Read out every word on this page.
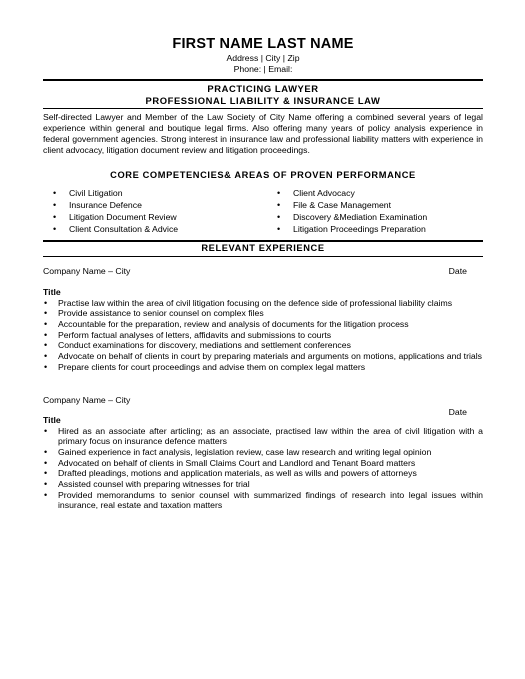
FIRST NAME LAST NAME
Address | City | Zip
Phone: | Email:
PRACTICING LAWYER
PROFESSIONAL LIABILITY & INSURANCE LAW
Self-directed Lawyer and Member of the Law Society of City Name offering a combined several years of legal experience within general and boutique legal firms. Also offering many years of policy analysis experience in federal government agencies. Strong interest in insurance law and professional liability matters with experience in client advocacy, litigation document review and litigation proceedings.
CORE COMPETENCIES& AREAS OF PROVEN PERFORMANCE
• Civil Litigation
• Insurance Defence
• Litigation Document Review
• Client Consultation & Advice
• Client Advocacy
• File & Case Management
• Discovery &Mediation Examination
• Litigation Proceedings Preparation
RELEVANT EXPERIENCE
Company Name – City	Date
Title
• Practise law within the area of civil litigation focusing on the defence side of professional liability claims
• Provide assistance to senior counsel on complex files
• Accountable for the preparation, review and analysis of documents for the litigation process
• Perform factual analyses of letters, affidavits and submissions to courts
• Conduct examinations for discovery, mediations and settlement conferences
• Advocate on behalf of clients in court by preparing materials and arguments on motions, applications and trials
• Prepare clients for court proceedings and advise them on complex legal matters
Company Name – City
Title
Date
• Hired as an associate after articling; as an associate, practised law within the area of civil litigation with a primary focus on insurance defence matters
• Gained experience in fact analysis, legislation review, case law research and writing legal opinion
• Advocated on behalf of clients in Small Claims Court and Landlord and Tenant Board matters
• Drafted pleadings, motions and application materials, as well as wills and powers of attorneys
• Assisted counsel with preparing witnesses for trial
• Provided memorandums to senior counsel with summarized findings of research into legal issues within insurance, real estate and taxation matters
